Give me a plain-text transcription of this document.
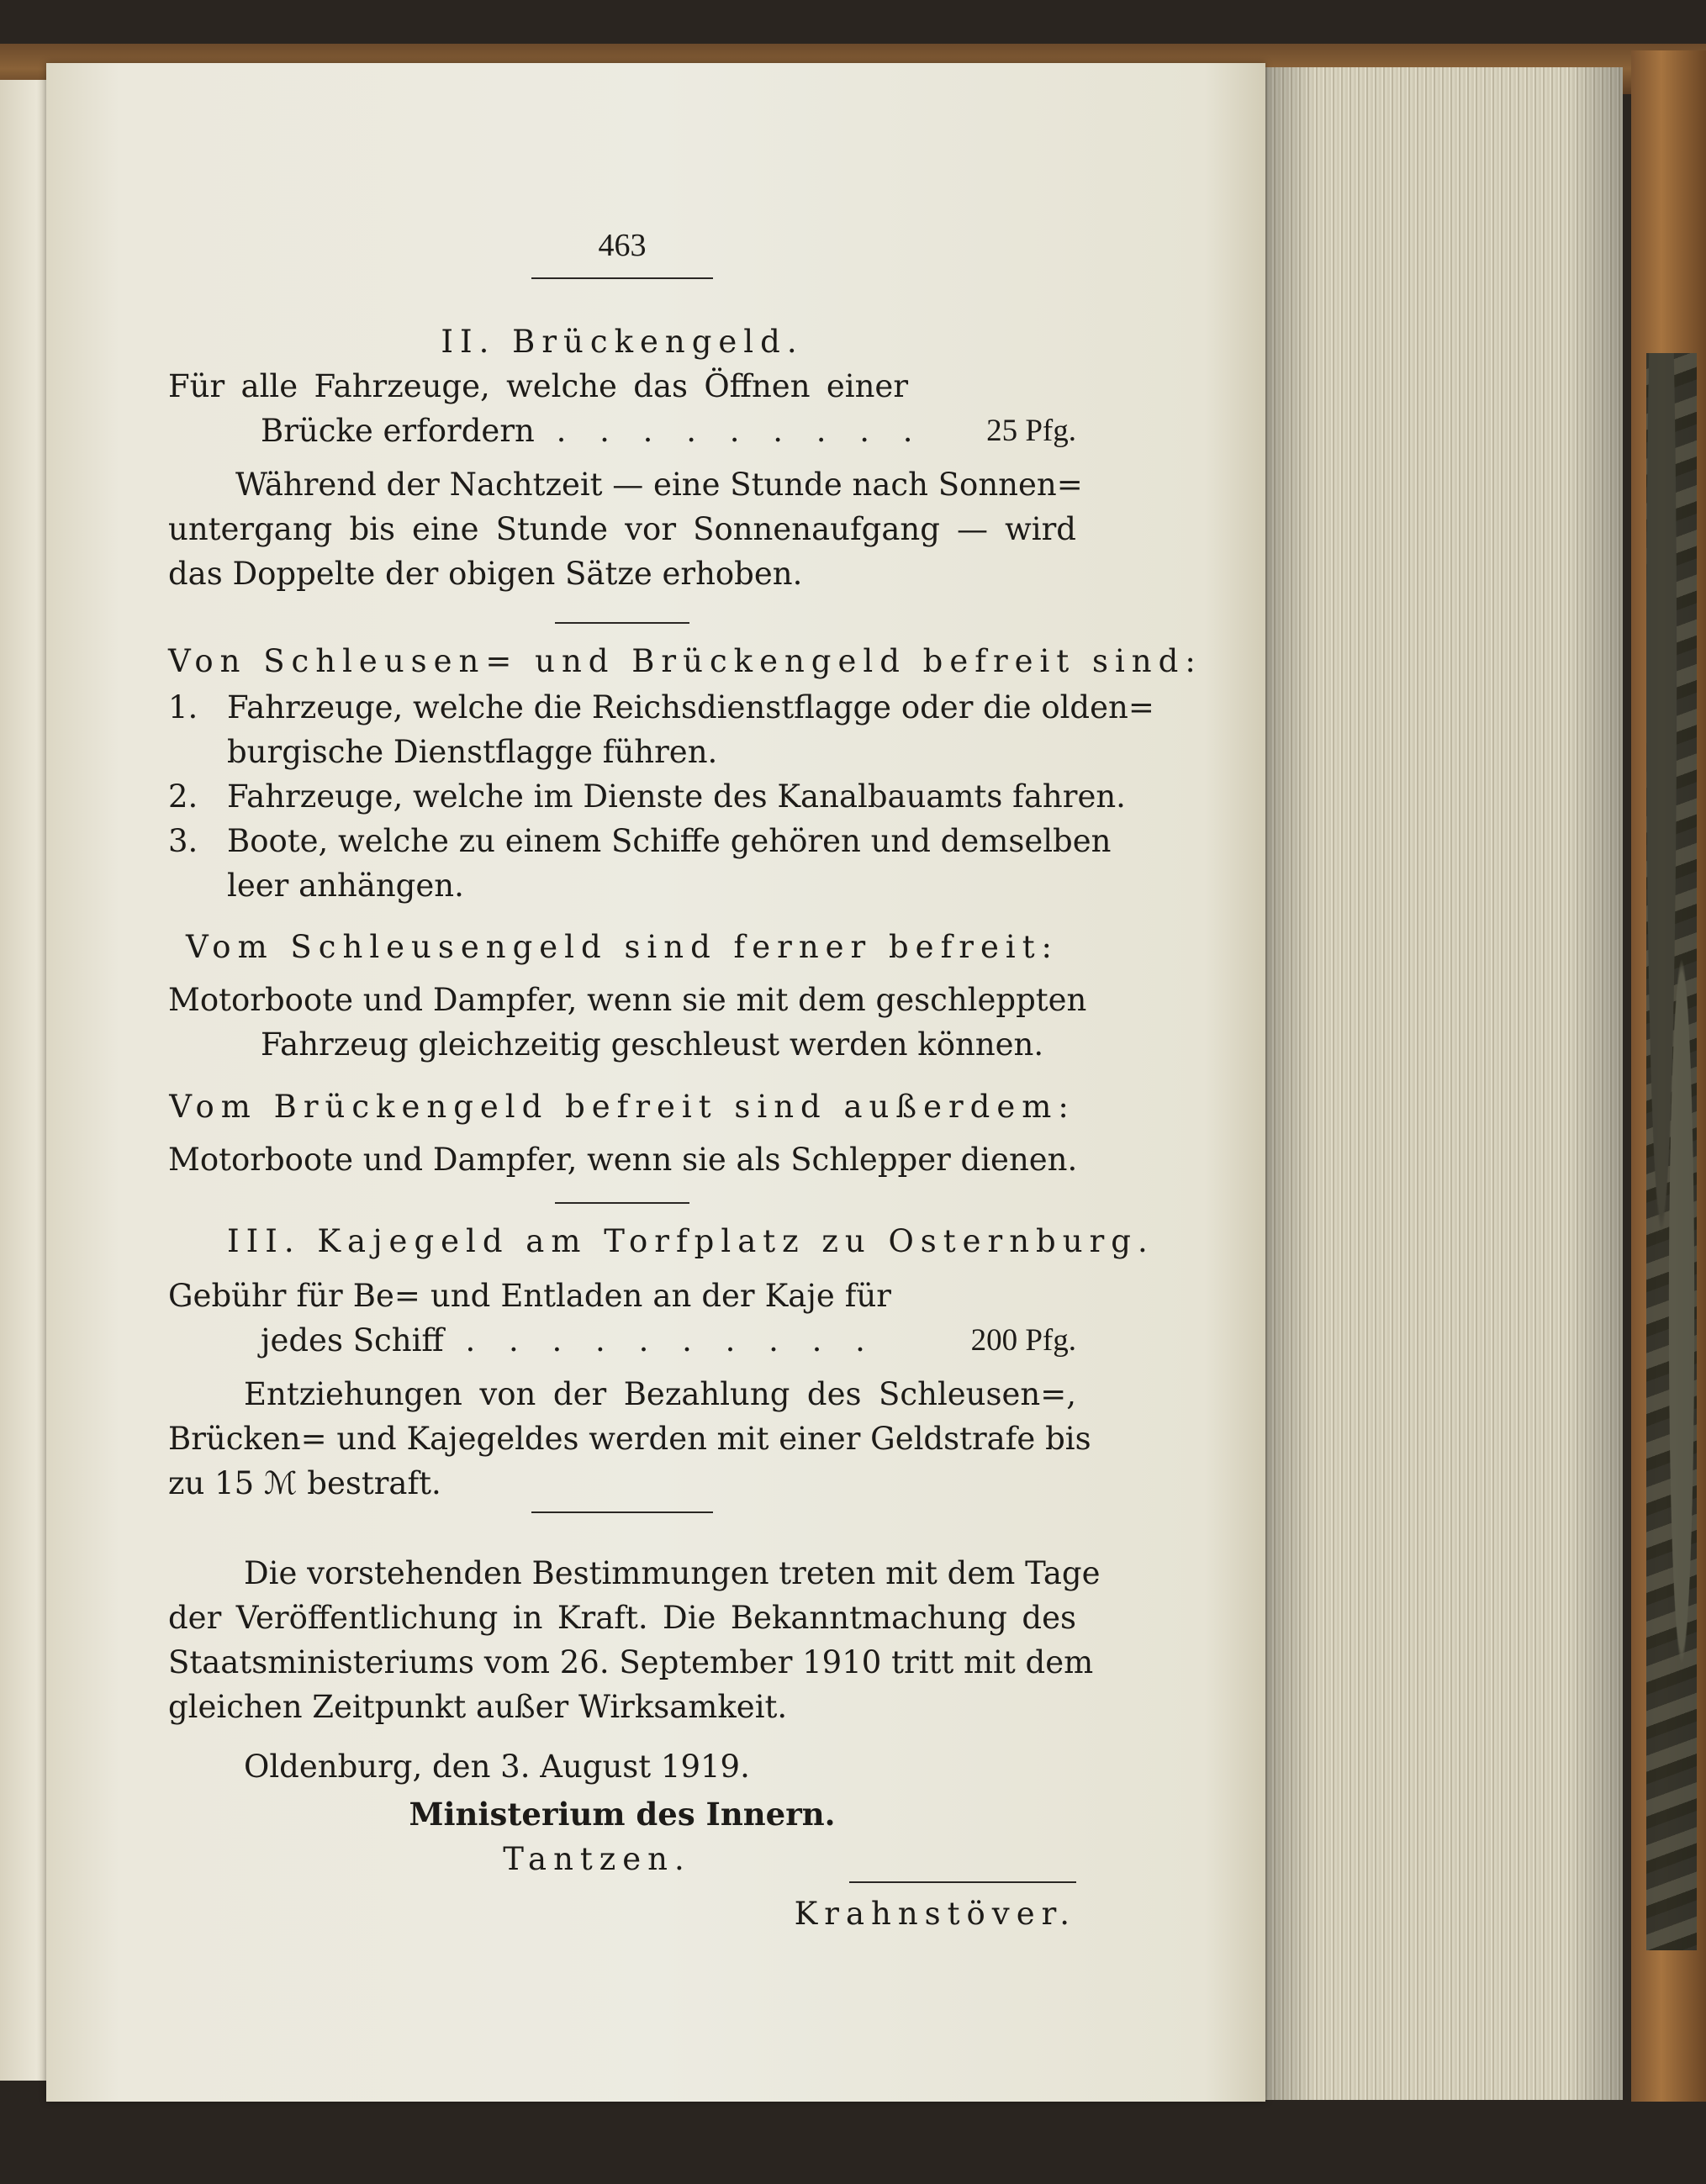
463
II. Brückengeld.
Für alle Fahrzeuge, welche das Öffnen einer
Brücke erfordern . . . . . . . . . 25 Pfg.
Während der Nachtzeit — eine Stunde nach Sonnen=
untergang bis eine Stunde vor Sonnenaufgang — wird
das Doppelte der obigen Sätze erhoben.
Von Schleusen= und Brückengeld befreit sind:
1. Fahrzeuge, welche die Reichsdienstflagge oder die olden=
burgische Dienstflagge führen.
2. Fahrzeuge, welche im Dienste des Kanalbauamts fahren.
3. Boote, welche zu einem Schiffe gehören und demselben
leer anhängen.
Vom Schleusengeld sind ferner befreit:
Motorboote und Dampfer, wenn sie mit dem geschleppten
Fahrzeug gleichzeitig geschleust werden können.
Vom Brückengeld befreit sind außerdem:
Motorboote und Dampfer, wenn sie als Schlepper dienen.
III. Kajegeld am Torfplatz zu Osternburg.
Gebühr für Be= und Entladen an der Kaje für
jedes Schiff . . . . . . . . . .	200 Pfg.
Entziehungen von der Bezahlung des Schleusen=,
Brücken= und Kajegeldes werden mit einer Geldstrafe bis
zu 15 ℳ bestraft.
Die vorstehenden Bestimmungen treten mit dem Tage
der Veröffentlichung in Kraft. Die Bekanntmachung des
Staatsministeriums vom 26. September 1910 tritt mit dem
gleichen Zeitpunkt außer Wirksamkeit.
Oldenburg, den 3. August 1919.
Ministerium des Innern.
Tantzen.
Krahnstöver.
